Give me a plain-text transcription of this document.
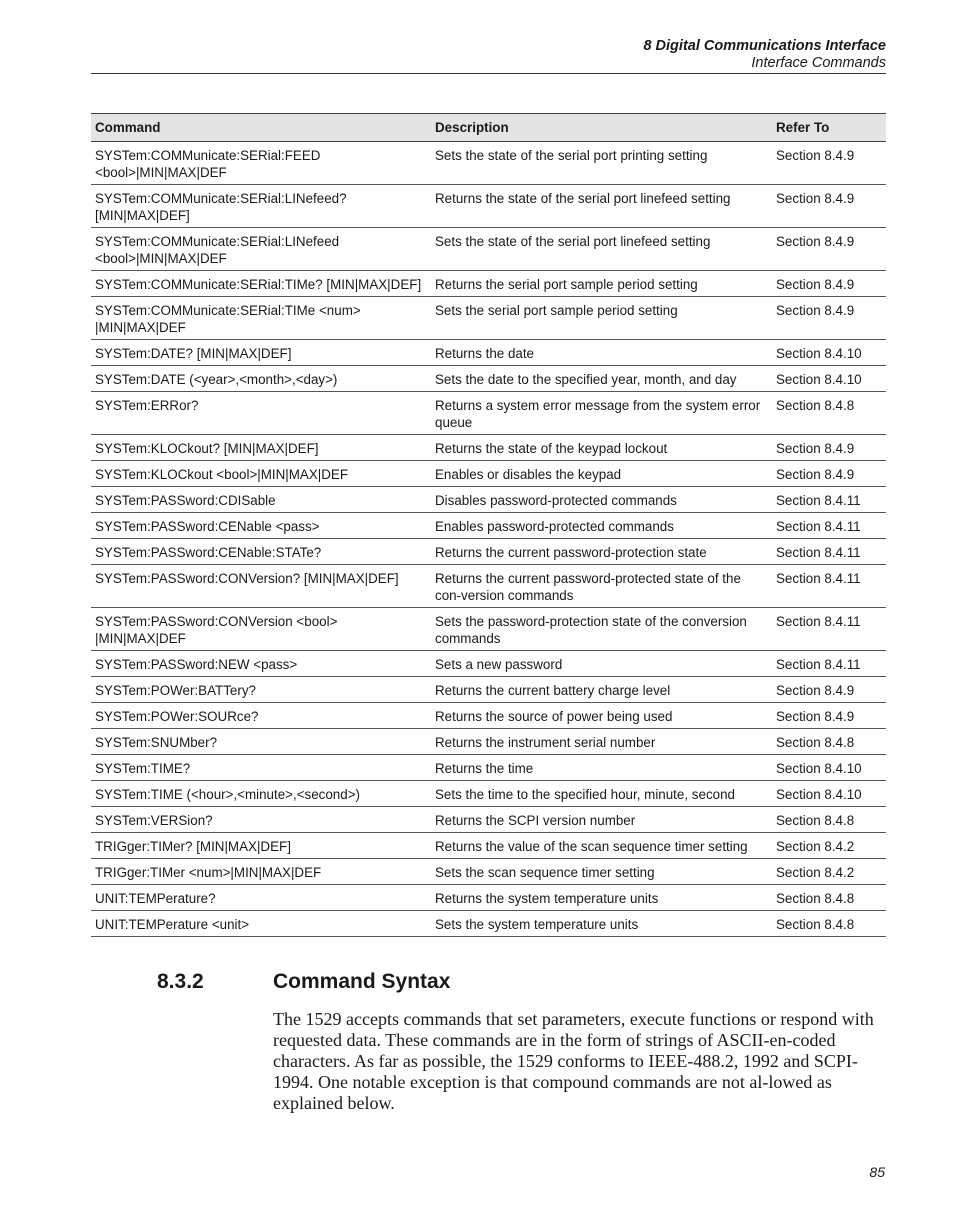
8 Digital Communications Interface
Interface Commands
Command	Description	Refer To
SYSTem:COMMunicate:SERial:FEED <bool>|MIN|MAX|DEF	Sets the state of the serial port printing setting	Section 8.4.9
SYSTem:COMMunicate:SERial:LINefeed? [MIN|MAX|DEF]	Returns the state of the serial port linefeed setting	Section 8.4.9
SYSTem:COMMunicate:SERial:LINefeed <bool>|MIN|MAX|DEF	Sets the state of the serial port linefeed setting	Section 8.4.9
SYSTem:COMMunicate:SERial:TIMe? [MIN|MAX|DEF]	Returns the serial port sample period setting	Section 8.4.9
SYSTem:COMMunicate:SERial:TIMe <num> |MIN|MAX|DEF	Sets the serial port sample period setting	Section 8.4.9
SYSTem:DATE? [MIN|MAX|DEF]	Returns the date	Section 8.4.10
SYSTem:DATE (<year>,<month>,<day>)	Sets the date to the specified year, month, and day	Section 8.4.10
SYSTem:ERRor?	Returns a system error message from the system error queue	Section 8.4.8
SYSTem:KLOCkout? [MIN|MAX|DEF]	Returns the state of the keypad lockout	Section 8.4.9
SYSTem:KLOCkout <bool>|MIN|MAX|DEF	Enables or disables the keypad	Section 8.4.9
SYSTem:PASSword:CDISable	Disables password-protected commands	Section 8.4.11
SYSTem:PASSword:CENable <pass>	Enables password-protected commands	Section 8.4.11
SYSTem:PASSword:CENable:STATe?	Returns the current password-protection state	Section 8.4.11
SYSTem:PASSword:CONVersion? [MIN|MAX|DEF]	Returns the current password-protected state of the con-version commands	Section 8.4.11
SYSTem:PASSword:CONVersion <bool> |MIN|MAX|DEF	Sets the password-protection state of the conversion commands	Section 8.4.11
SYSTem:PASSword:NEW <pass>	Sets a new password	Section 8.4.11
SYSTem:POWer:BATTery?	Returns the current battery charge level	Section 8.4.9
SYSTem:POWer:SOURce?	Returns the source of power being used	Section 8.4.9
SYSTem:SNUMber?	Returns the instrument serial number	Section 8.4.8
SYSTem:TIME?	Returns the time	Section 8.4.10
SYSTem:TIME (<hour>,<minute>,<second>)	Sets the time to the specified hour, minute, second	Section 8.4.10
SYSTem:VERSion?	Returns the SCPI version number	Section 8.4.8
TRIGger:TIMer? [MIN|MAX|DEF]	Returns the value of the scan sequence timer setting	Section 8.4.2
TRIGger:TIMer <num>|MIN|MAX|DEF	Sets the scan sequence timer setting	Section 8.4.2
UNIT:TEMPerature?	Returns the system temperature units	Section 8.4.8
UNIT:TEMPerature <unit>	Sets the system temperature units	Section 8.4.8
8.3.2	Command Syntax
The 1529 accepts commands that set parameters, execute functions or respond with requested data. These commands are in the form of strings of ASCII-en-coded characters. As far as possible, the 1529 conforms to IEEE-488.2, 1992 and SCPI-1994. One notable exception is that compound commands are not al-lowed as explained below.
85
